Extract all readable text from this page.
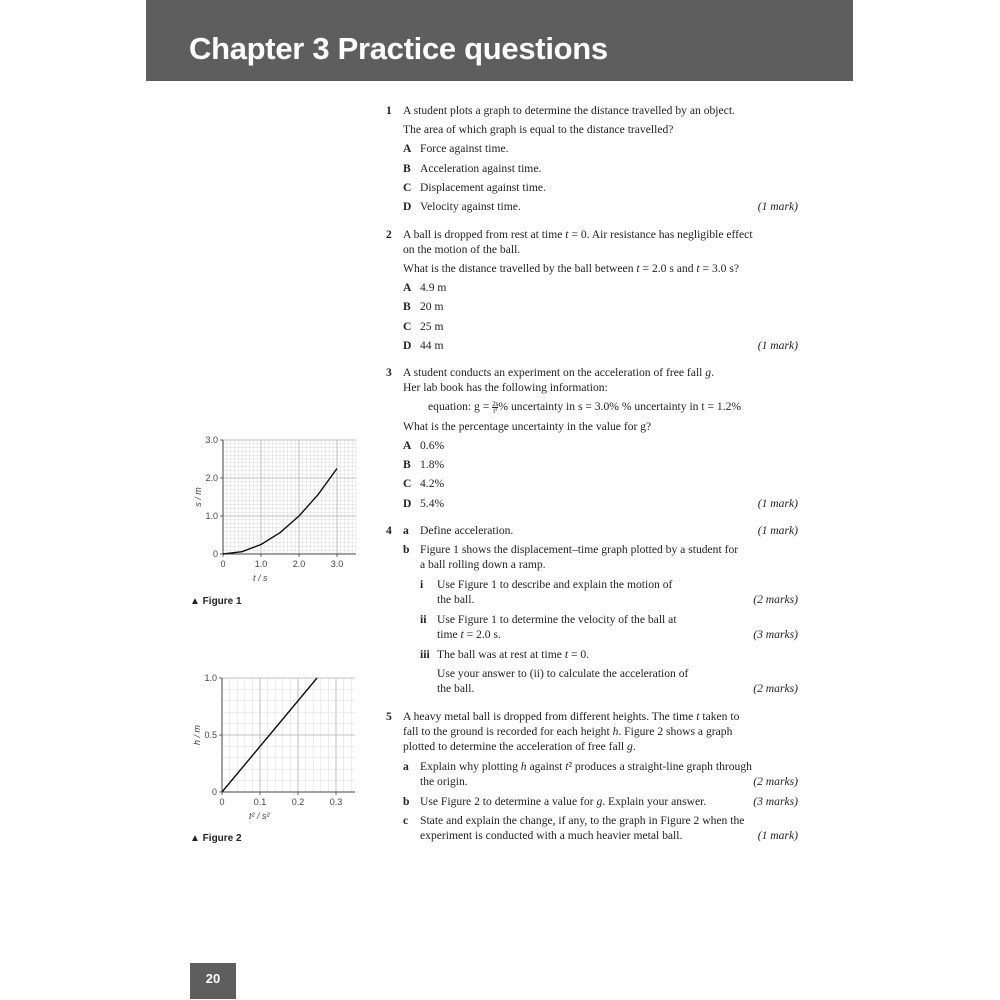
Chapter 3 Practice questions
1 A student plots a graph to determine the distance travelled by an object.
The area of which graph is equal to the distance travelled?
A Force against time.
B Acceleration against time.
C Displacement against time.
D Velocity against time.	(1 mark)
2 A ball is dropped from rest at time t = 0. Air resistance has negligible effect
on the motion of the ball.
What is the distance travelled by the ball between t = 2.0 s and t = 3.0 s?
A 4.9 m
B 20 m
C 25 m
D 44 m	(1 mark)
3 A student conducts an experiment on the acceleration of free fall g.
Her lab book has the following information:
equation: $g = \frac{2s}{\text{t²}}$ % uncertainty in s = 3.0% % uncertainty in t = 1.2%
What is the percentage uncertainty in the value for g?
A 0.6%
B 1.8%
C 4.2%
D 5.4%	(1 mark)
4 a Define acceleration.	(1 mark)
b Figure 1 shows the displacement–time graph plotted by a student for
a ball rolling down a ramp.
i Use Figure 1 to describe and explain the motion of
the ball.	(2 marks)
ii Use Figure 1 to determine the velocity of the ball at
time t = 2.0 s.	(3 marks)
iii The ball was at rest at time t = 0.
Use your answer to (ii) to calculate the acceleration of
the ball.	(2 marks)
5 A heavy metal ball is dropped from different heights. The time t taken to
fall to the ground is recorded for each height h. Figure 2 shows a graph
plotted to determine the acceleration of free fall g.
a Explain why plotting h against t² produces a straight-line graph through
the origin.	(2 marks)
b Use Figure 2 to determine a value for g. Explain your answer.	(3 marks)
c State and explain the change, if any, to the graph in Figure 2 when the
experiment is conducted with a much heavier metal ball.	(1 mark)
0	1.0	2.0	3.0
0
1.0
2.0
3.0
t / s
s / m
▲ Figure 1
0	0.1	0.2	0.3
0
0.5
1.0
t² / s²
h / m
▲ Figure 2
20
